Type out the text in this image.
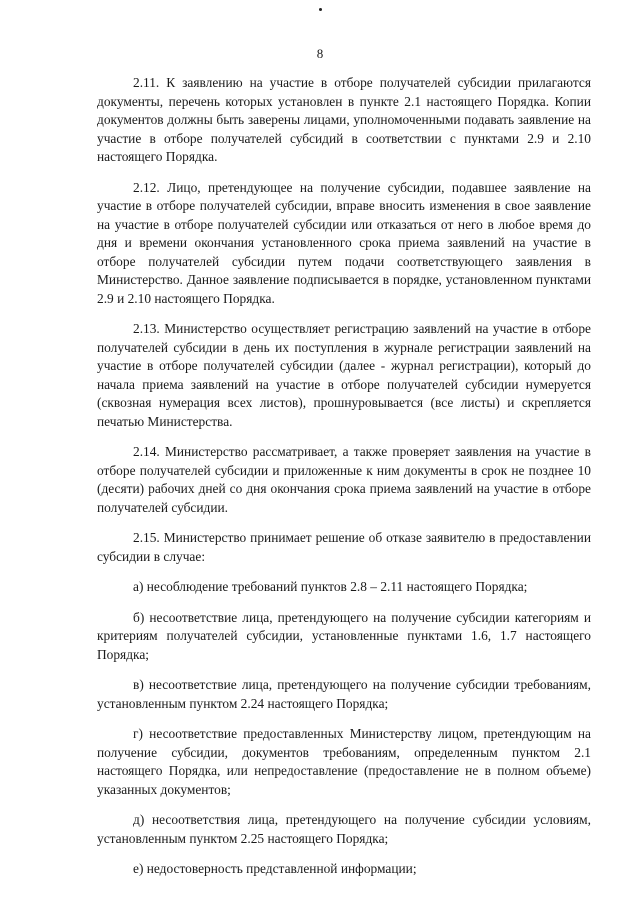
8

2.11. К заявлению на участие в отборе получателей субсидии прилагаются документы, перечень которых установлен в пункте 2.1 настоящего Порядка. Копии документов должны быть заверены лицами, уполномоченными подавать заявление на участие в отборе получателей субсидий в соответствии с пунктами 2.9 и 2.10 настоящего Порядка.

2.12. Лицо, претендующее на получение субсидии, подавшее заявление на участие в отборе получателей субсидии, вправе вносить изменения в свое заявление на участие в отборе получателей субсидии или отказаться от него в любое время до дня и времени окончания установленного срока приема заявлений на участие в отборе получателей субсидии путем подачи соответствующего заявления в Министерство. Данное заявление подписывается в порядке, установленном пунктами 2.9 и 2.10 настоящего Порядка.

2.13. Министерство осуществляет регистрацию заявлений на участие в отборе получателей субсидии в день их поступления в журнале регистрации заявлений на участие в отборе получателей субсидии (далее - журнал регистрации), который до начала приема заявлений на участие в отборе получателей субсидии нумеруется (сквозная нумерация всех листов), прошнуровывается (все листы) и скрепляется печатью Министерства.

2.14. Министерство рассматривает, а также проверяет заявления на участие в отборе получателей субсидии и приложенные к ним документы в срок не позднее 10 (десяти) рабочих дней со дня окончания срока приема заявлений на участие в отборе получателей субсидии.

2.15. Министерство принимает решение об отказе заявителю в предоставлении субсидии в случае:

а) несоблюдение требований пунктов 2.8 – 2.11 настоящего Порядка;

б) несоответствие лица, претендующего на получение субсидии категориям и критериям получателей субсидии, установленные пунктами 1.6, 1.7 настоящего Порядка;

в) несоответствие лица, претендующего на получение субсидии требованиям, установленным пунктом 2.24 настоящего Порядка;

г) несоответствие предоставленных Министерству лицом, претендующим на получение субсидии, документов требованиям, определенным пунктом 2.1 настоящего Порядка, или непредоставление (предоставление не в полном объеме) указанных документов;

д) несоответствия лица, претендующего на получение субсидии условиям, установленным пунктом 2.25 настоящего Порядка;

е) недостоверность представленной информации;
